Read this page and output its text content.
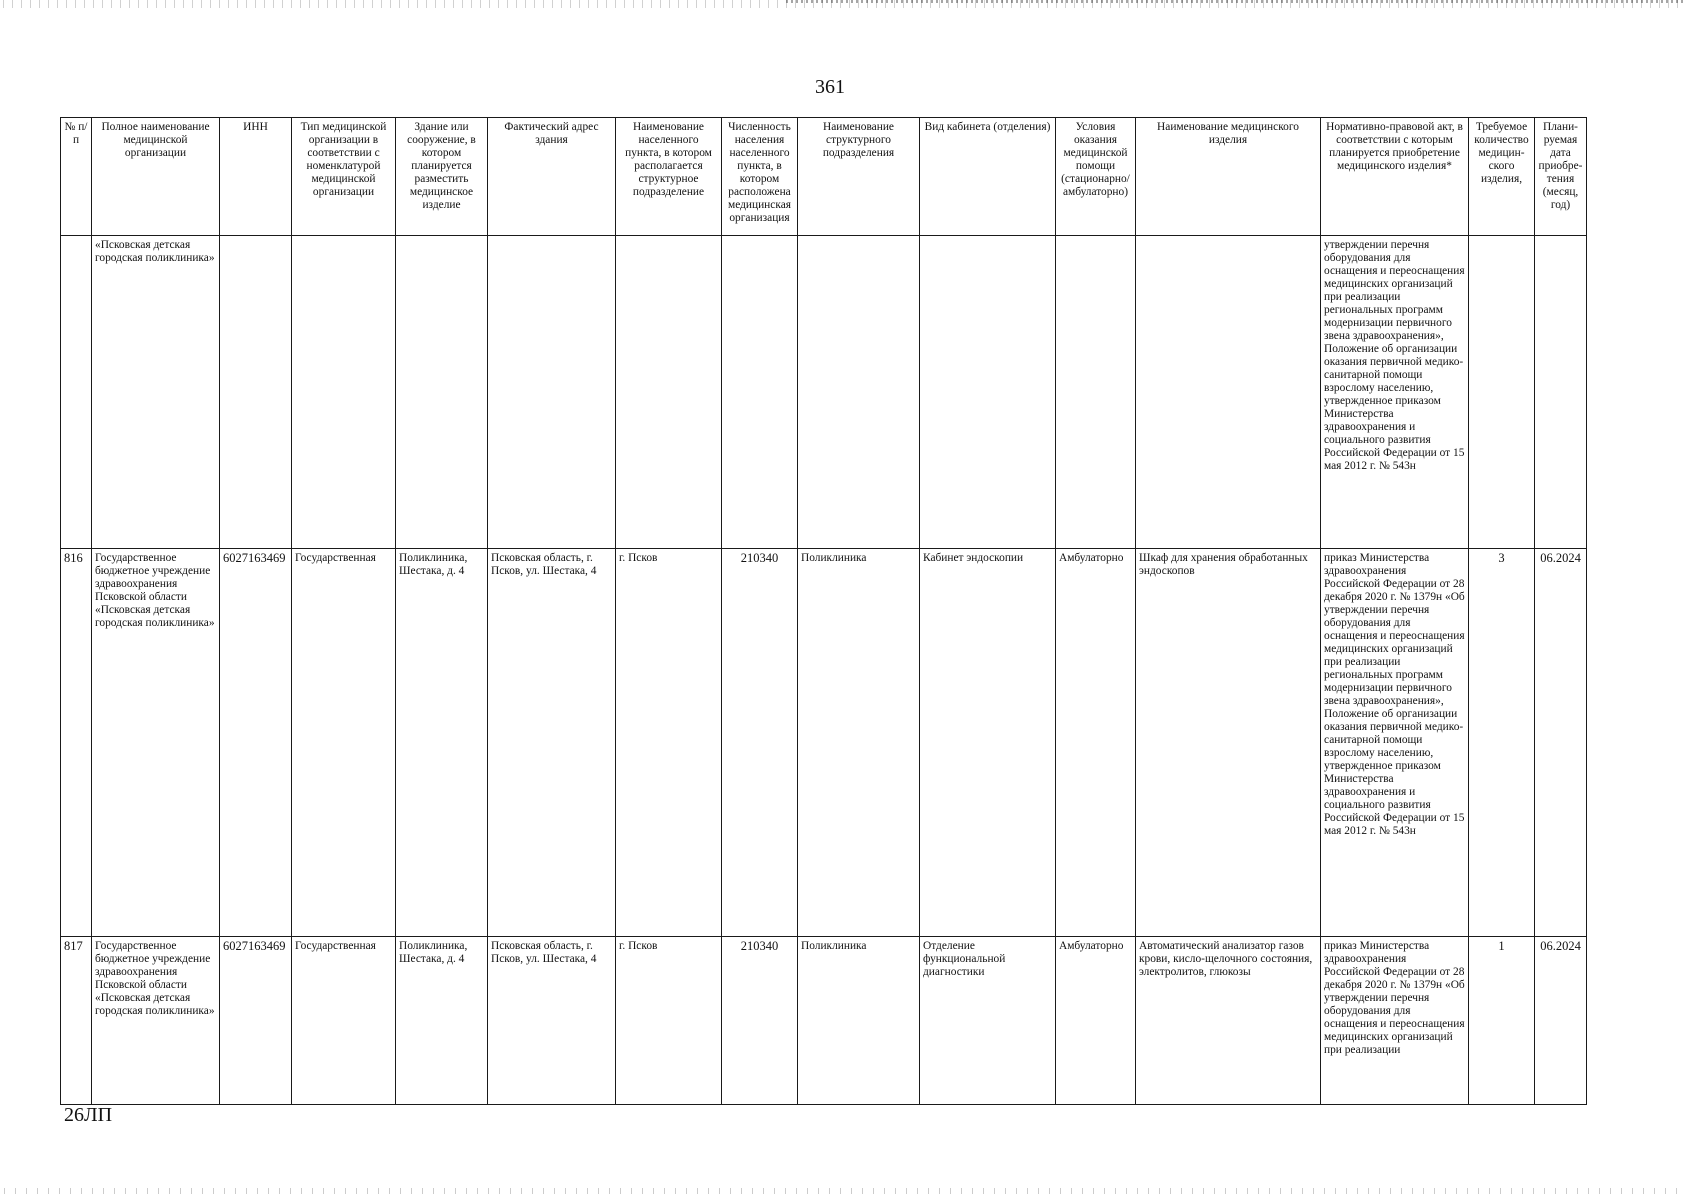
361
№ п/п	Полное наименование медицинской организации	ИНН	Тип медицинской организации в соответствии с номенклатурой медицинской организации	Здание или сооружение, в котором планируется разместить медицинское изделие	Фактический адрес здания	Наименование населенного пункта, в котором располагается структурное подразделение	Численность населения населенного пункта, в котором расположена медицинская организация	Наименование структурного подразделения	Вид кабинета (отделения)	Условия оказания медицинской помощи (стационарно/ амбулаторно)	Наименование медицинского изделия	Нормативно-правовой акт, в соответствии с которым планируется приобретение медицинского изделия*	Требуемое количество медицин-ского изделия,	Плани-руемая дата приобре-тения (месяц, год)
	«Псковская детская городская поликлиника»											утверждении перечня оборудования для оснащения и переоснащения медицинских организаций при реализации региональных программ модернизации первичного звена здравоохранения», Положение об организации оказания первичной медико-санитарной помощи взрослому населению, утвержденное приказом Министерства здравоохранения и социального развития Российской Федерации от 15 мая 2012 г. № 543н		
816	Государственное бюджетное учреждение здравоохранения Псковской области «Псковская детская городская поликлиника»	6027163469	Государственная	Поликлиника, Шестака, д. 4	Псковская область, г. Псков, ул. Шестака, 4	г. Псков	210340	Поликлиника	Кабинет эндоскопии	Амбулаторно	Шкаф для хранения обработанных эндоскопов	приказ Министерства здравоохранения Российской Федерации от 28 декабря 2020 г. № 1379н «Об утверждении перечня оборудования для оснащения и переоснащения медицинских организаций при реализации региональных программ модернизации первичного звена здравоохранения», Положение об организации оказания первичной медико-санитарной помощи взрослому населению, утвержденное приказом Министерства здравоохранения и социального развития Российской Федерации от 15 мая 2012 г. № 543н	3	06.2024
817	Государственное бюджетное учреждение здравоохранения Псковской области «Псковская детская городская поликлиника»	6027163469	Государственная	Поликлиника, Шестака, д. 4	Псковская область, г. Псков, ул. Шестака, 4	г. Псков	210340	Поликлиника	Отделение функциональной диагностики	Амбулаторно	Автоматический анализатор газов крови, кисло-щелочного состояния, электролитов, глюкозы	приказ Министерства здравоохранения Российской Федерации от 28 декабря 2020 г. № 1379н «Об утверждении перечня оборудования для оснащения и переоснащения медицинских организаций при реализации	1	06.2024
26ЛП
